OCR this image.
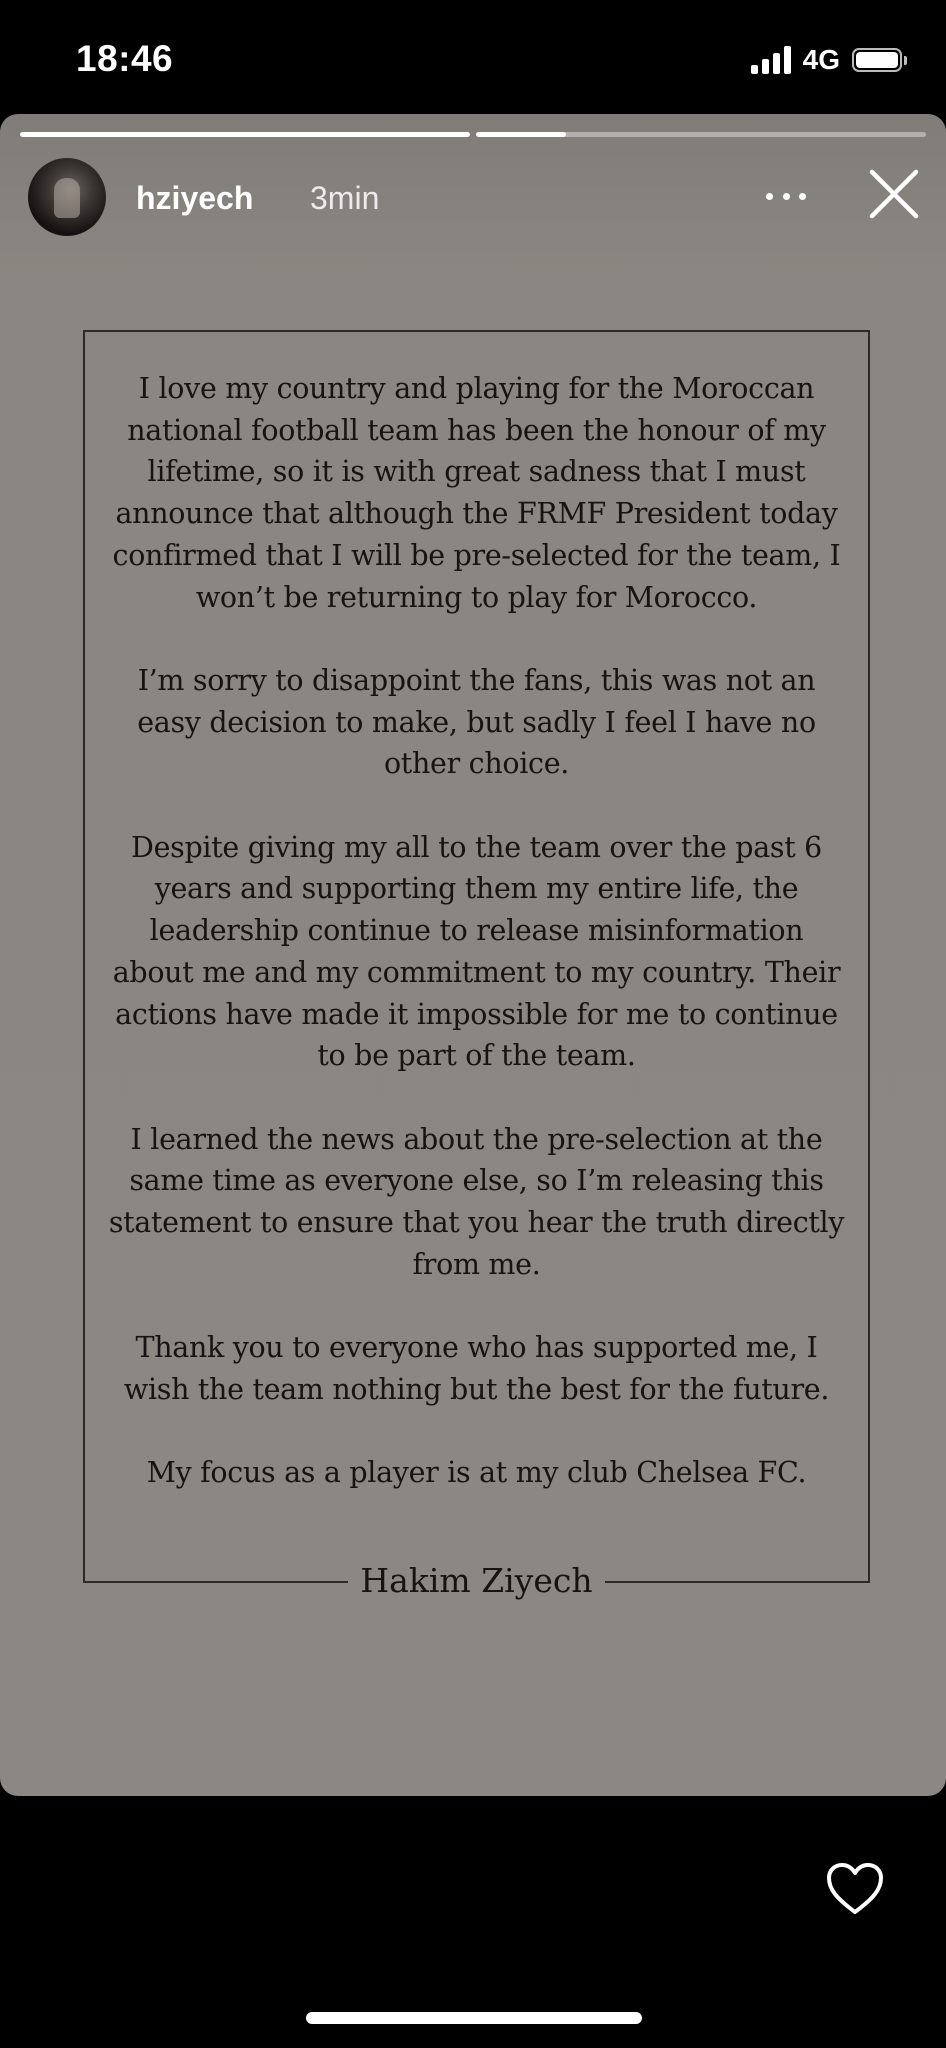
18:46	4G
hziyech 3min

I love my country and playing for the Moroccan national football team has been the honour of my lifetime, so it is with great sadness that I must announce that although the FRMF President today confirmed that I will be pre-selected for the team, I won’t be returning to play for Morocco.

I’m sorry to disappoint the fans, this was not an easy decision to make, but sadly I feel I have no other choice.

Despite giving my all to the team over the past 6 years and supporting them my entire life, the leadership continue to release misinformation about me and my commitment to my country. Their actions have made it impossible for me to continue to be part of the team.

I learned the news about the pre-selection at the same time as everyone else, so I’m releasing this statement to ensure that you hear the truth directly from me.

Thank you to everyone who has supported me, I wish the team nothing but the best for the future.

My focus as a player is at my club Chelsea FC.

Hakim Ziyech
